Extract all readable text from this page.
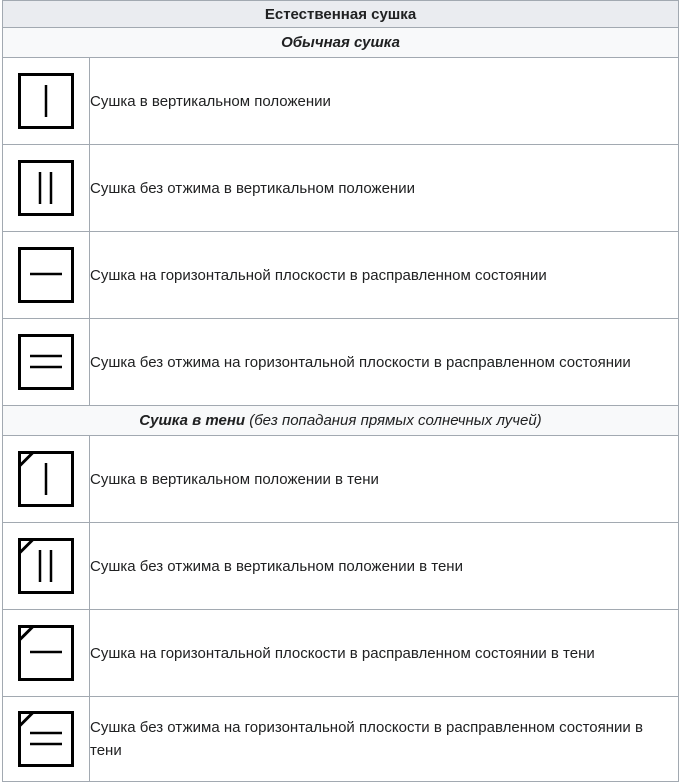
Естественная сушка	
Обычная сушка	

	Сушка в вертикальном положении

	Сушка без отжима в вертикальном положении

	Сушка на горизонтальной плоскости в расправленном состоянии

	Сушка без отжима на горизонтальной плоскости в расправленном состоянии
Сушка в тени (без попадания прямых солнечных лучей)	

	Сушка в вертикальном положении в тени

	Сушка без отжима в вертикальном положении в тени

	Сушка на горизонтальной плоскости в расправленном состоянии в тени

	Сушка без отжима на горизонтальной плоскости в расправленном состоянии в тени
